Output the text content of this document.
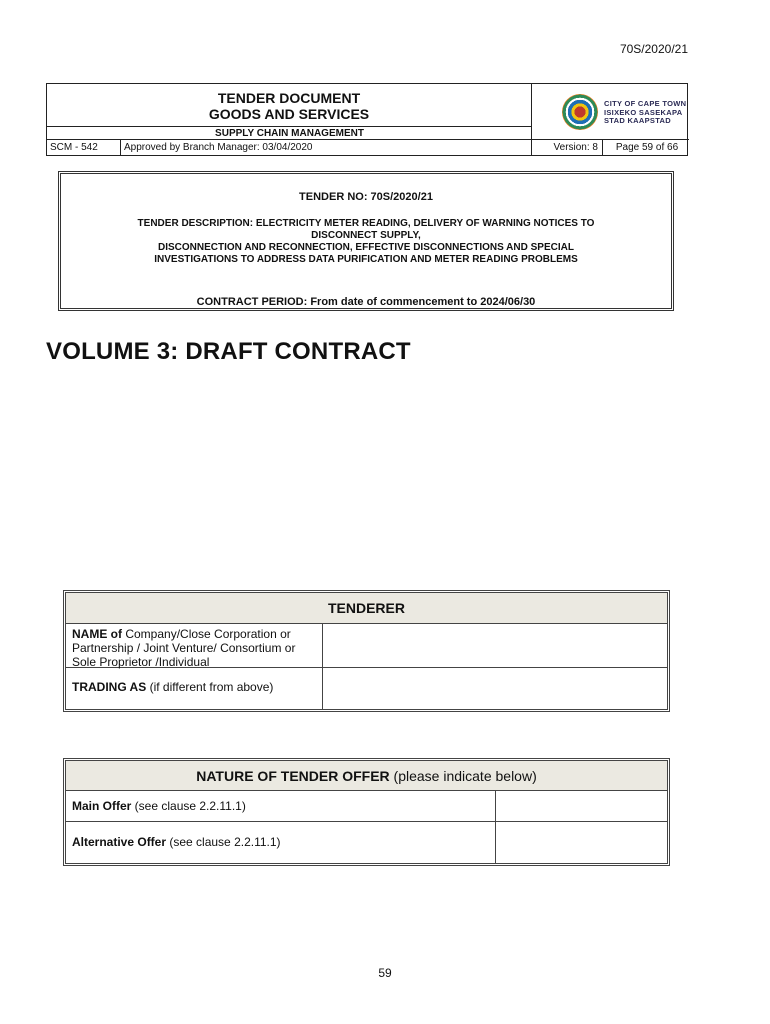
70S/2020/21
TENDER DOCUMENT
GOODS AND SERVICES
SUPPLY CHAIN MANAGEMENT
CITY OF CAPE TOWN
ISIXEKO SASEKAPA
STAD KAAPSTAD
SCM - 542	Approved by Branch Manager: 03/04/2020	Version: 8	Page 59 of 66
TENDER NO: 70S/2020/21
TENDER DESCRIPTION: ELECTRICITY METER READING, DELIVERY OF WARNING NOTICES TO
DISCONNECT SUPPLY,
DISCONNECTION AND RECONNECTION, EFFECTIVE DISCONNECTIONS AND SPECIAL
INVESTIGATIONS TO ADDRESS DATA PURIFICATION AND METER READING PROBLEMS
CONTRACT PERIOD: From date of commencement to 2024/06/30
VOLUME 3: DRAFT CONTRACT
TENDERER
NAME of Company/Close Corporation or Partnership / Joint Venture/ Consortium or Sole Proprietor /Individual
TRADING AS (if different from above)
NATURE OF TENDER OFFER (please indicate below)
Main Offer (see clause 2.2.11.1)
Alternative Offer (see clause 2.2.11.1)
59
